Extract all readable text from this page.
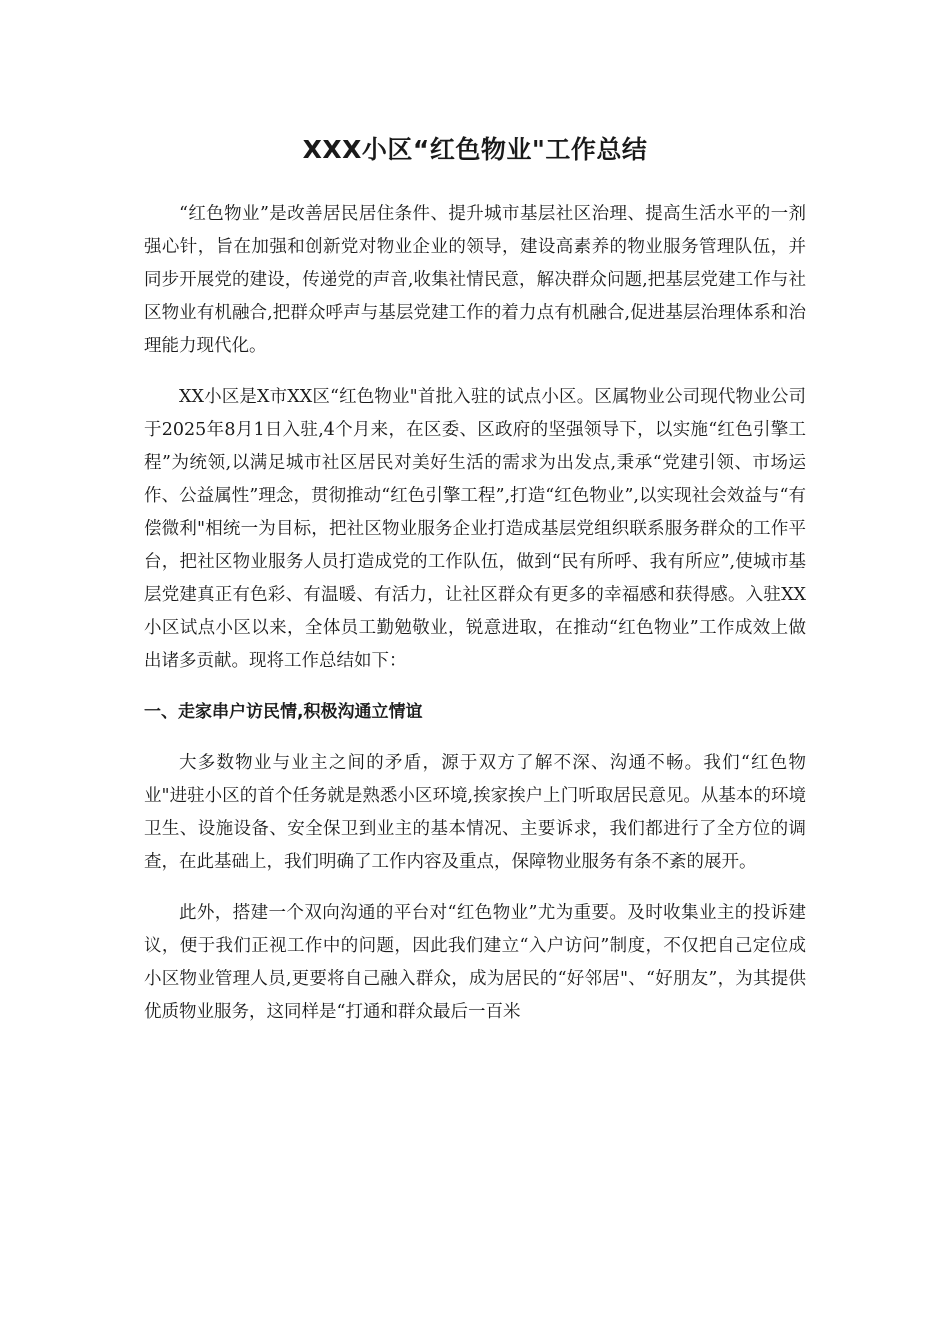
XXX小区“红色物业"工作总结

“红色物业”是改善居民居住条件、提升城市基层社区治理、提高生活水平的一剂强心针，旨在加强和创新党对物业企业的领导，建设高素养的物业服务管理队伍，并同步开展党的建设，传递党的声音,收集社情民意，解决群众问题,把基层党建工作与社区物业有机融合,把群众呼声与基层党建工作的着力点有机融合,促进基层治理体系和治理能力现代化。

XX小区是X市XX区“红色物业"首批入驻的试点小区。区属物业公司现代物业公司于2025年8月1日入驻,4个月来，在区委、区政府的坚强领导下，以实施“红色引擎工程”为统领,以满足城市社区居民对美好生活的需求为出发点,秉承“党建引领、市场运作、公益属性”理念，贯彻推动“红色引擎工程”,打造“红色物业”,以实现社会效益与“有偿微利"相统一为目标，把社区物业服务企业打造成基层党组织联系服务群众的工作平台，把社区物业服务人员打造成党的工作队伍，做到“民有所呼、我有所应”,使城市基层党建真正有色彩、有温暖、有活力，让社区群众有更多的幸福感和获得感。入驻XX小区试点小区以来，全体员工勤勉敬业，锐意进取，在推动“红色物业”工作成效上做出诸多贡献。现将工作总结如下：

一、走家串户访民情,积极沟通立情谊

大多数物业与业主之间的矛盾，源于双方了解不深、沟通不畅。我们“红色物业"进驻小区的首个任务就是熟悉小区环境,挨家挨户上门听取居民意见。从基本的环境卫生、设施设备、安全保卫到业主的基本情况、主要诉求，我们都进行了全方位的调查，在此基础上，我们明确了工作内容及重点，保障物业服务有条不紊的展开。

此外，搭建一个双向沟通的平台对“红色物业”尤为重要。及时收集业主的投诉建议，便于我们正视工作中的问题，因此我们建立“入户访问”制度，不仅把自己定位成小区物业管理人员,更要将自己融入群众，成为居民的“好邻居"、“好朋友”，为其提供优质物业服务，这同样是“打通和群众最后一百米
